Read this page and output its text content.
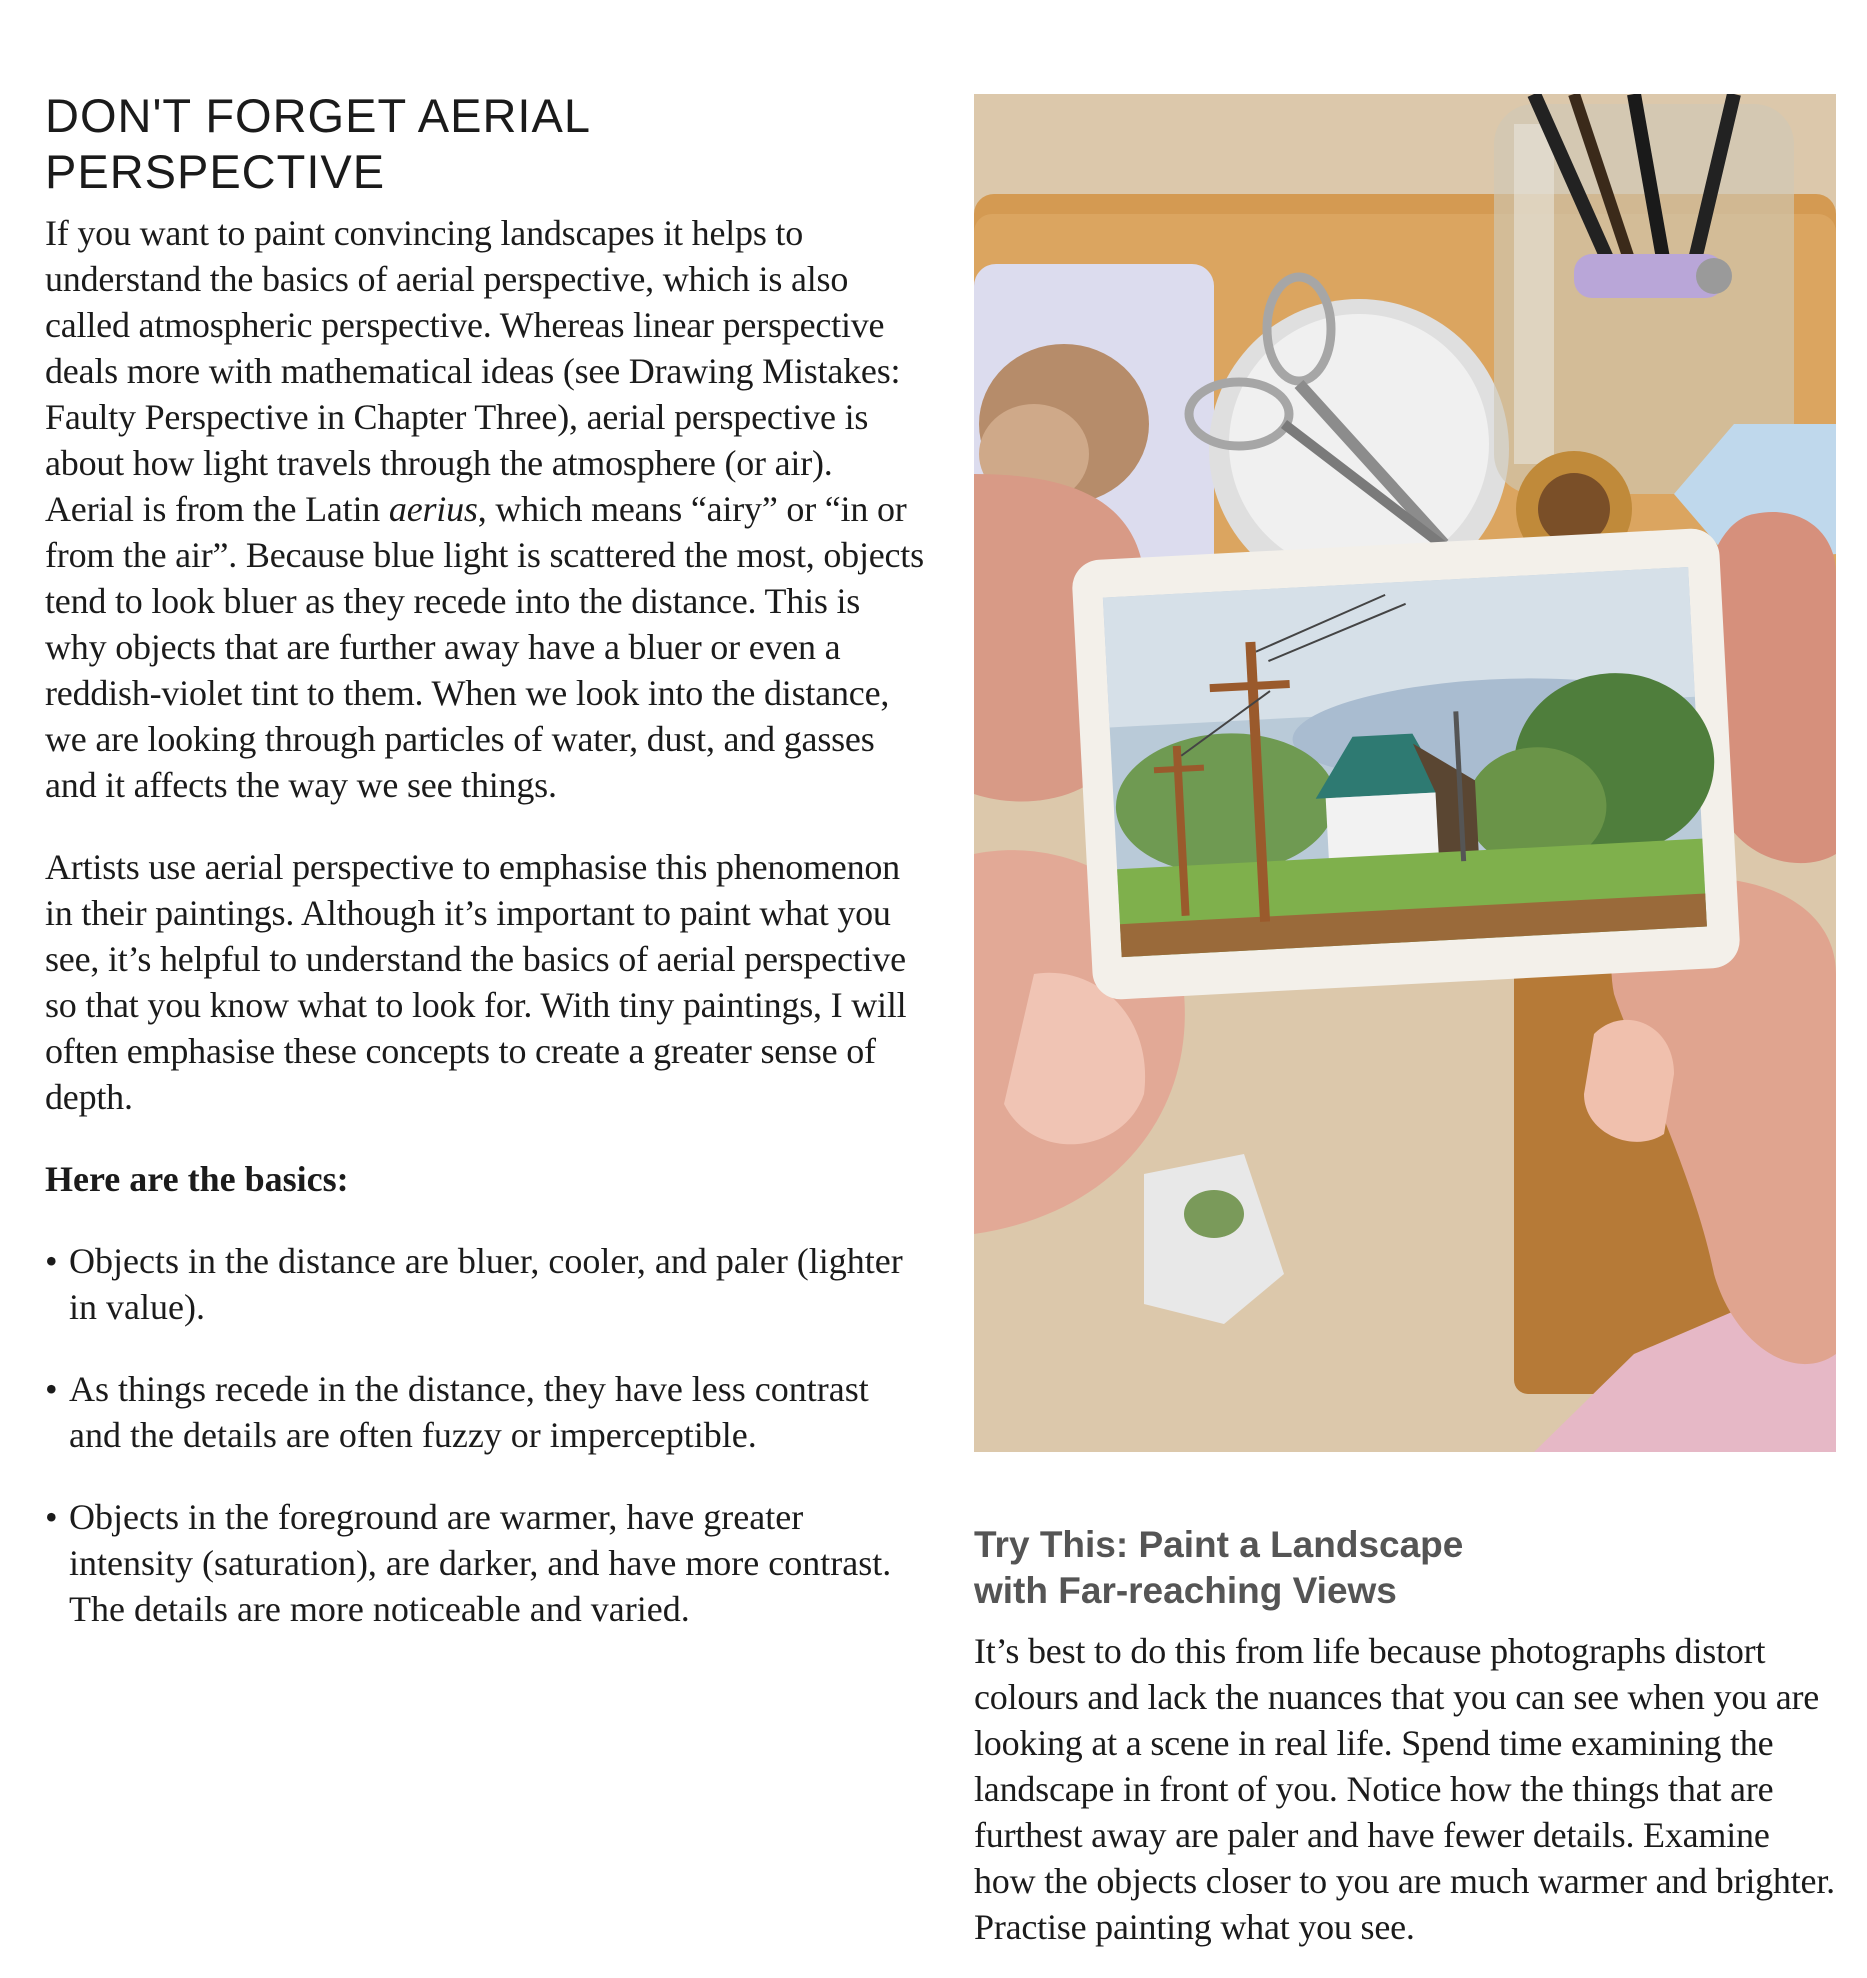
DON'T FORGET AERIAL PERSPECTIVE

If you want to paint convincing landscapes it helps to understand the basics of aerial perspective, which is also called atmospheric perspective. Whereas linear perspective deals more with mathematical ideas (see Drawing Mistakes: Faulty Perspective in Chapter Three), aerial perspective is about how light travels through the atmosphere (or air). Aerial is from the Latin aerius, which means “airy” or “in or from the air”. Because blue light is scattered the most, objects tend to look bluer as they recede into the distance. This is why objects that are further away have a bluer or even a reddish-violet tint to them. When we look into the distance, we are looking through particles of water, dust, and gasses and it affects the way we see things.

Artists use aerial perspective to emphasise this phenomenon in their paintings. Although it’s important to paint what you see, it’s helpful to understand the basics of aerial perspective so that you know what to look for. With tiny paintings, I will often emphasise these concepts to create a greater sense of depth.

Here are the basics:

• Objects in the distance are bluer, cooler, and paler (lighter in value).
• As things recede in the distance, they have less contrast and the details are often fuzzy or imperceptible.
• Objects in the foreground are warmer, have greater intensity (saturation), are darker, and have more contrast. The details are more noticeable and varied.
Try This: Paint a Landscape
with Far-reaching Views

It’s best to do this from life because photographs distort colours and lack the nuances that you can see when you are looking at a scene in real life. Spend time examining the landscape in front of you. Notice how the things that are furthest away are paler and have fewer details. Examine how the objects closer to you are much warmer and brighter. Practise painting what you see.
